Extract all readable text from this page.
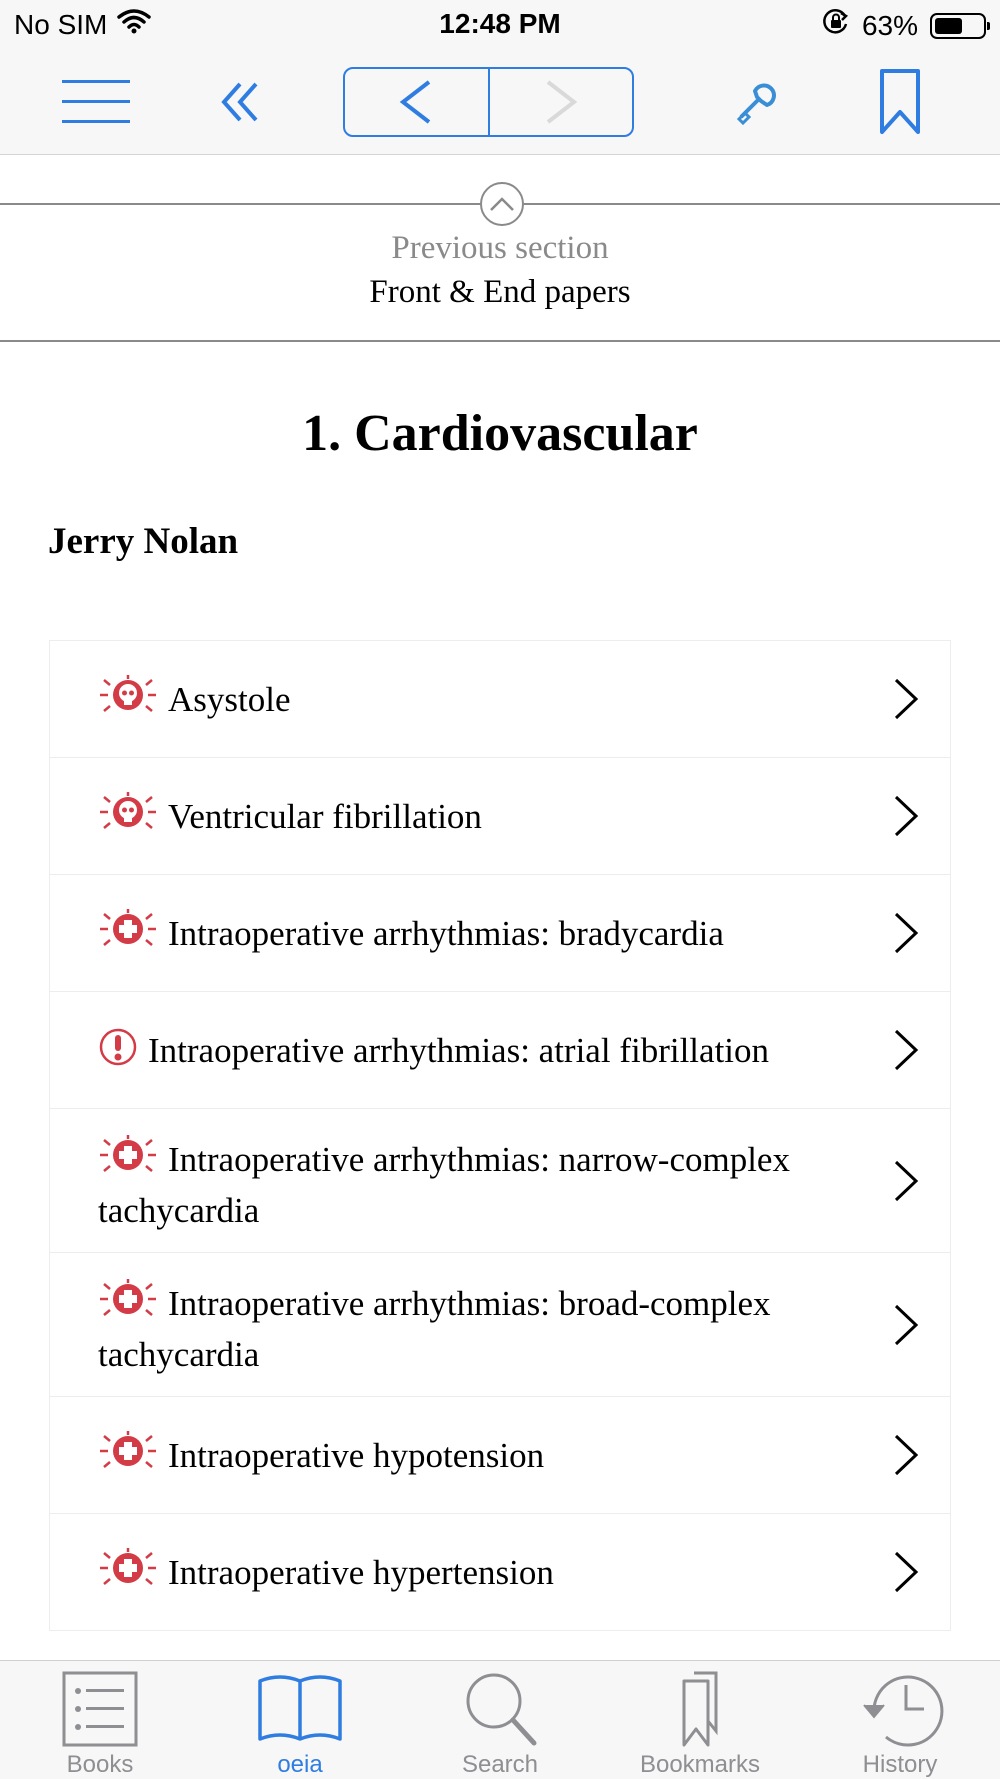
No SIM	12:48 PM	63%
Previous section
Front & End papers
1. Cardiovascular
Jerry Nolan
Asystole
Ventricular fibrillation
Intraoperative arrhythmias: bradycardia
Intraoperative arrhythmias: atrial fibrillation
Intraoperative arrhythmias: narrow-complex tachycardia
Intraoperative arrhythmias: broad-complex tachycardia
Intraoperative hypotension
Intraoperative hypertension
Books	oeia	Search	Bookmarks	History
